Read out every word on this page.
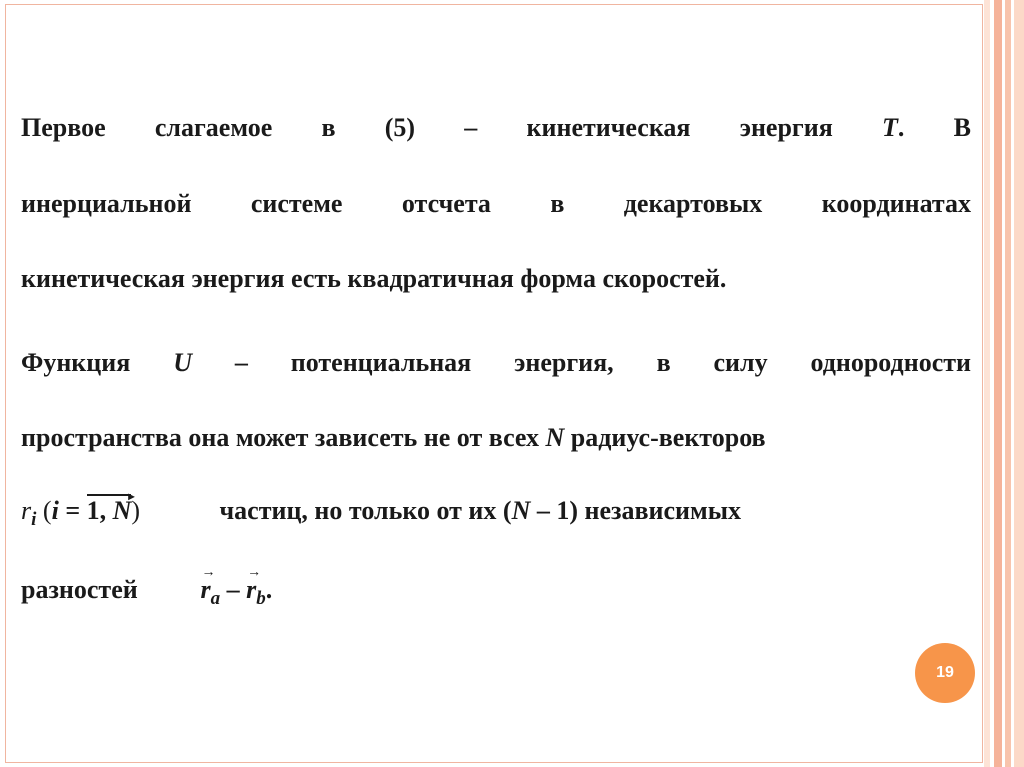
Первое слагаемое в (5) – кинетическая энергия T. В
инерциальной системе отсчета в декартовых координатах
кинетическая энергия есть квадратичная форма скоростей.
Функция U – потенциальная энергия, в силу однородности
пространства она может зависеть не от всех N радиус-векторов
$r_i$ (i =	▸
1, N)	частиц, но только от их (N – 1) независимых
разностей
→
$r_a$ –
→
$r_b$.
19
